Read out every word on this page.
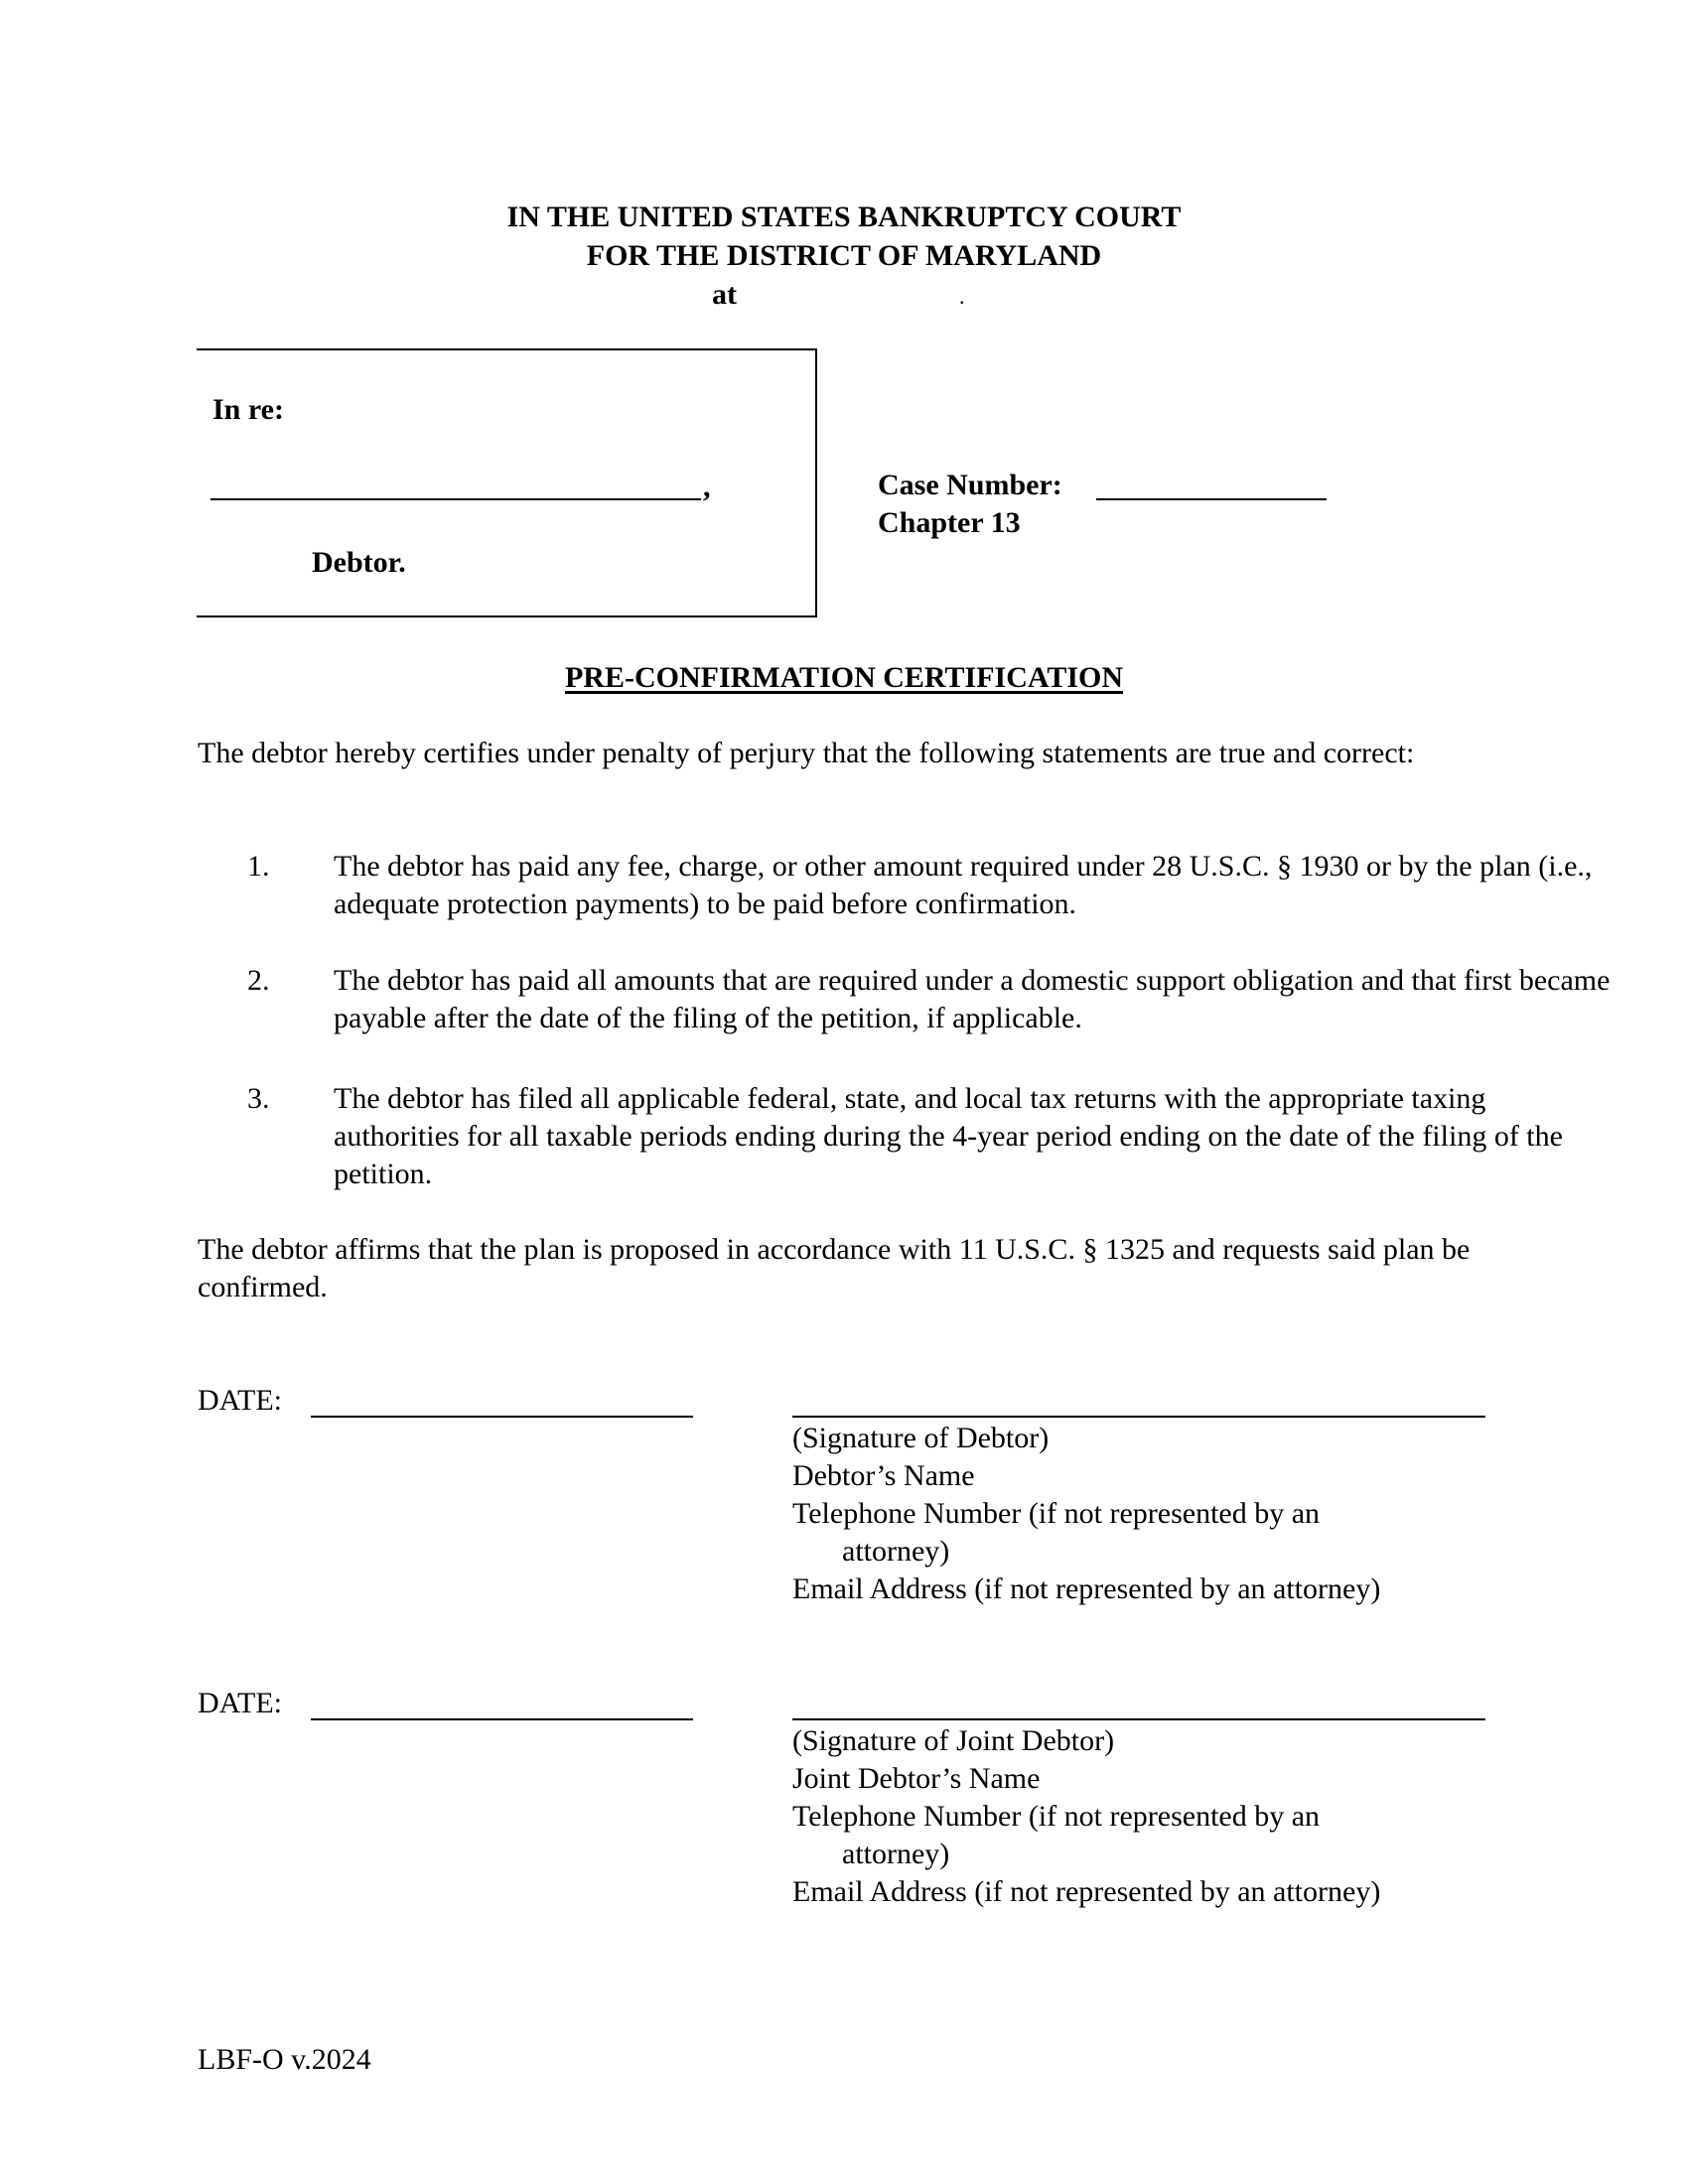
IN THE UNITED STATES BANKRUPTCY COURT
FOR THE DISTRICT OF MARYLAND
at	.
In re:
,
Debtor.
Case Number:
Chapter 13
PRE-CONFIRMATION CERTIFICATION
The debtor hereby certifies under penalty of perjury that the following statements are true and correct:
1.	The debtor has paid any fee, charge, or other amount required under 28 U.S.C. § 1930 or by the plan (i.e., adequate protection payments) to be paid before confirmation.
2.	The debtor has paid all amounts that are required under a domestic support obligation and that first became payable after the date of the filing of the petition, if applicable.
3.	The debtor has filed all applicable federal, state, and local tax returns with the appropriate taxing authorities for all taxable periods ending during the 4-year period ending on the date of the filing of the petition.
The debtor affirms that the plan is proposed in accordance with 11 U.S.C. § 1325 and requests said plan be confirmed.
DATE:
(Signature of Debtor)
Debtor’s Name
Telephone Number (if not represented by an
attorney)
Email Address (if not represented by an attorney)
DATE:
(Signature of Joint Debtor)
Joint Debtor’s Name
Telephone Number (if not represented by an
attorney)
Email Address (if not represented by an attorney)
LBF-O v.2024
